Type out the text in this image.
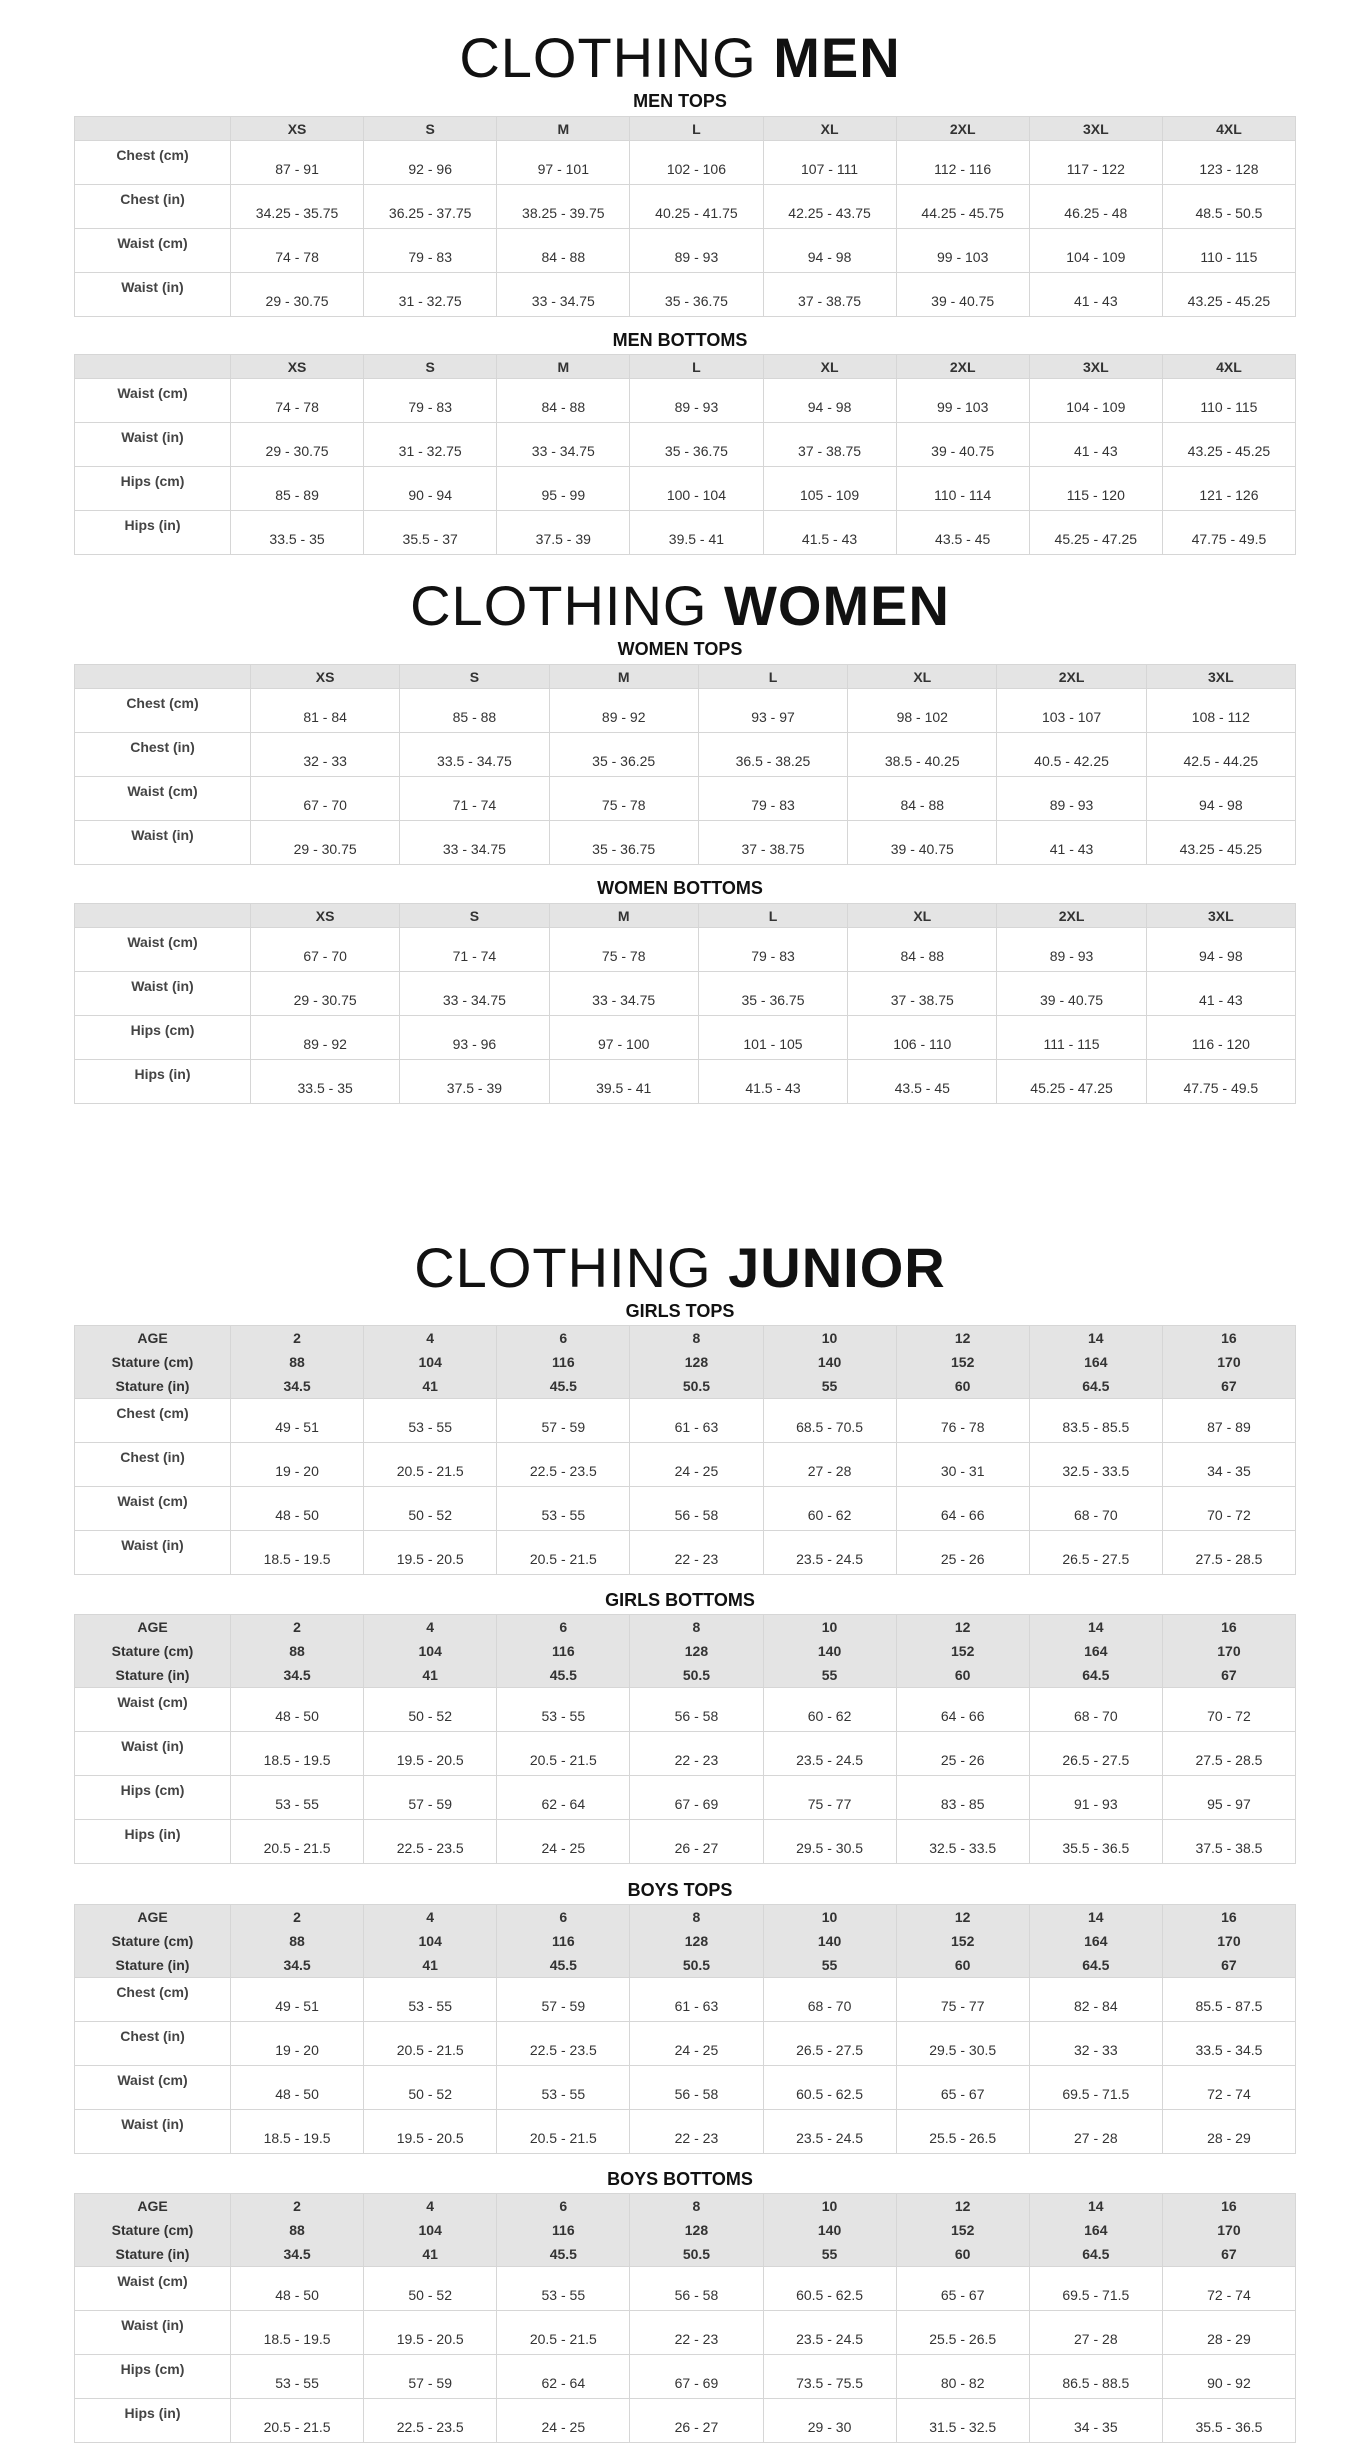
CLOTHING MEN
MEN TOPS
	XS	S	M	L	XL	2XL	3XL	4XL
Chest (cm)	87 - 91	92 - 96	97 - 101	102 - 106	107 - 111	112 - 116	117 - 122	123 - 128
Chest (in)	34.25 - 35.75	36.25 - 37.75	38.25 - 39.75	40.25 - 41.75	42.25 - 43.75	44.25 - 45.75	46.25 - 48	48.5 - 50.5
Waist (cm)	74 - 78	79 - 83	84 - 88	89 - 93	94 - 98	99 - 103	104 - 109	110 - 115
Waist (in)	29 - 30.75	31 - 32.75	33 - 34.75	35 - 36.75	37 - 38.75	39 - 40.75	41 - 43	43.25 - 45.25
MEN BOTTOMS
	XS	S	M	L	XL	2XL	3XL	4XL
Waist (cm)	74 - 78	79 - 83	84 - 88	89 - 93	94 - 98	99 - 103	104 - 109	110 - 115
Waist (in)	29 - 30.75	31 - 32.75	33 - 34.75	35 - 36.75	37 - 38.75	39 - 40.75	41 - 43	43.25 - 45.25
Hips (cm)	85 - 89	90 - 94	95 - 99	100 - 104	105 - 109	110 - 114	115 - 120	121 - 126
Hips (in)	33.5 - 35	35.5 - 37	37.5 - 39	39.5 - 41	41.5 - 43	43.5 - 45	45.25 - 47.25	47.75 - 49.5
CLOTHING WOMEN
WOMEN TOPS
	XS	S	M	L	XL	2XL	3XL
Chest (cm)	81 - 84	85 - 88	89 - 92	93 - 97	98 - 102	103 - 107	108 - 112
Chest (in)	32 - 33	33.5 - 34.75	35 - 36.25	36.5 - 38.25	38.5 - 40.25	40.5 - 42.25	42.5 - 44.25
Waist (cm)	67 - 70	71 - 74	75 - 78	79 - 83	84 - 88	89 - 93	94 - 98
Waist (in)	29 - 30.75	33 - 34.75	35 - 36.75	37 - 38.75	39 - 40.75	41 - 43	43.25 - 45.25
WOMEN BOTTOMS
	XS	S	M	L	XL	2XL	3XL
Waist (cm)	67 - 70	71 - 74	75 - 78	79 - 83	84 - 88	89 - 93	94 - 98
Waist (in)	29 - 30.75	33 - 34.75	33 - 34.75	35 - 36.75	37 - 38.75	39 - 40.75	41 - 43
Hips (cm)	89 - 92	93 - 96	97 - 100	101 - 105	106 - 110	111 - 115	116 - 120
Hips (in)	33.5 - 35	37.5 - 39	39.5 - 41	41.5 - 43	43.5 - 45	45.25 - 47.25	47.75 - 49.5
CLOTHING JUNIOR
GIRLS TOPS
AGE	2	4	6	8	10	12	14	16
Stature (cm)	88	104	116	128	140	152	164	170
Stature (in)	34.5	41	45.5	50.5	55	60	64.5	67
Chest (cm)	49 - 51	53 - 55	57 - 59	61 - 63	68.5 - 70.5	76 - 78	83.5 - 85.5	87 - 89
Chest (in)	19 - 20	20.5 - 21.5	22.5 - 23.5	24 - 25	27 - 28	30 - 31	32.5 - 33.5	34 - 35
Waist (cm)	48 - 50	50 - 52	53 - 55	56 - 58	60 - 62	64 - 66	68 - 70	70 - 72
Waist (in)	18.5 - 19.5	19.5 - 20.5	20.5 - 21.5	22 - 23	23.5 - 24.5	25 - 26	26.5 - 27.5	27.5 - 28.5
GIRLS BOTTOMS
AGE	2	4	6	8	10	12	14	16
Stature (cm)	88	104	116	128	140	152	164	170
Stature (in)	34.5	41	45.5	50.5	55	60	64.5	67
Waist (cm)	48 - 50	50 - 52	53 - 55	56 - 58	60 - 62	64 - 66	68 - 70	70 - 72
Waist (in)	18.5 - 19.5	19.5 - 20.5	20.5 - 21.5	22 - 23	23.5 - 24.5	25 - 26	26.5 - 27.5	27.5 - 28.5
Hips (cm)	53 - 55	57 - 59	62 - 64	67 - 69	75 - 77	83 - 85	91 - 93	95 - 97
Hips (in)	20.5 - 21.5	22.5 - 23.5	24 - 25	26 - 27	29.5 - 30.5	32.5 - 33.5	35.5 - 36.5	37.5 - 38.5
BOYS TOPS
AGE	2	4	6	8	10	12	14	16
Stature (cm)	88	104	116	128	140	152	164	170
Stature (in)	34.5	41	45.5	50.5	55	60	64.5	67
Chest (cm)	49 - 51	53 - 55	57 - 59	61 - 63	68 - 70	75 - 77	82 - 84	85.5 - 87.5
Chest (in)	19 - 20	20.5 - 21.5	22.5 - 23.5	24 - 25	26.5 - 27.5	29.5 - 30.5	32 - 33	33.5 - 34.5
Waist (cm)	48 - 50	50 - 52	53 - 55	56 - 58	60.5 - 62.5	65 - 67	69.5 - 71.5	72 - 74
Waist (in)	18.5 - 19.5	19.5 - 20.5	20.5 - 21.5	22 - 23	23.5 - 24.5	25.5 - 26.5	27 - 28	28 - 29
BOYS BOTTOMS
AGE	2	4	6	8	10	12	14	16
Stature (cm)	88	104	116	128	140	152	164	170
Stature (in)	34.5	41	45.5	50.5	55	60	64.5	67
Waist (cm)	48 - 50	50 - 52	53 - 55	56 - 58	60.5 - 62.5	65 - 67	69.5 - 71.5	72 - 74
Waist (in)	18.5 - 19.5	19.5 - 20.5	20.5 - 21.5	22 - 23	23.5 - 24.5	25.5 - 26.5	27 - 28	28 - 29
Hips (cm)	53 - 55	57 - 59	62 - 64	67 - 69	73.5 - 75.5	80 - 82	86.5 - 88.5	90 - 92
Hips (in)	20.5 - 21.5	22.5 - 23.5	24 - 25	26 - 27	29 - 30	31.5 - 32.5	34 - 35	35.5 - 36.5
